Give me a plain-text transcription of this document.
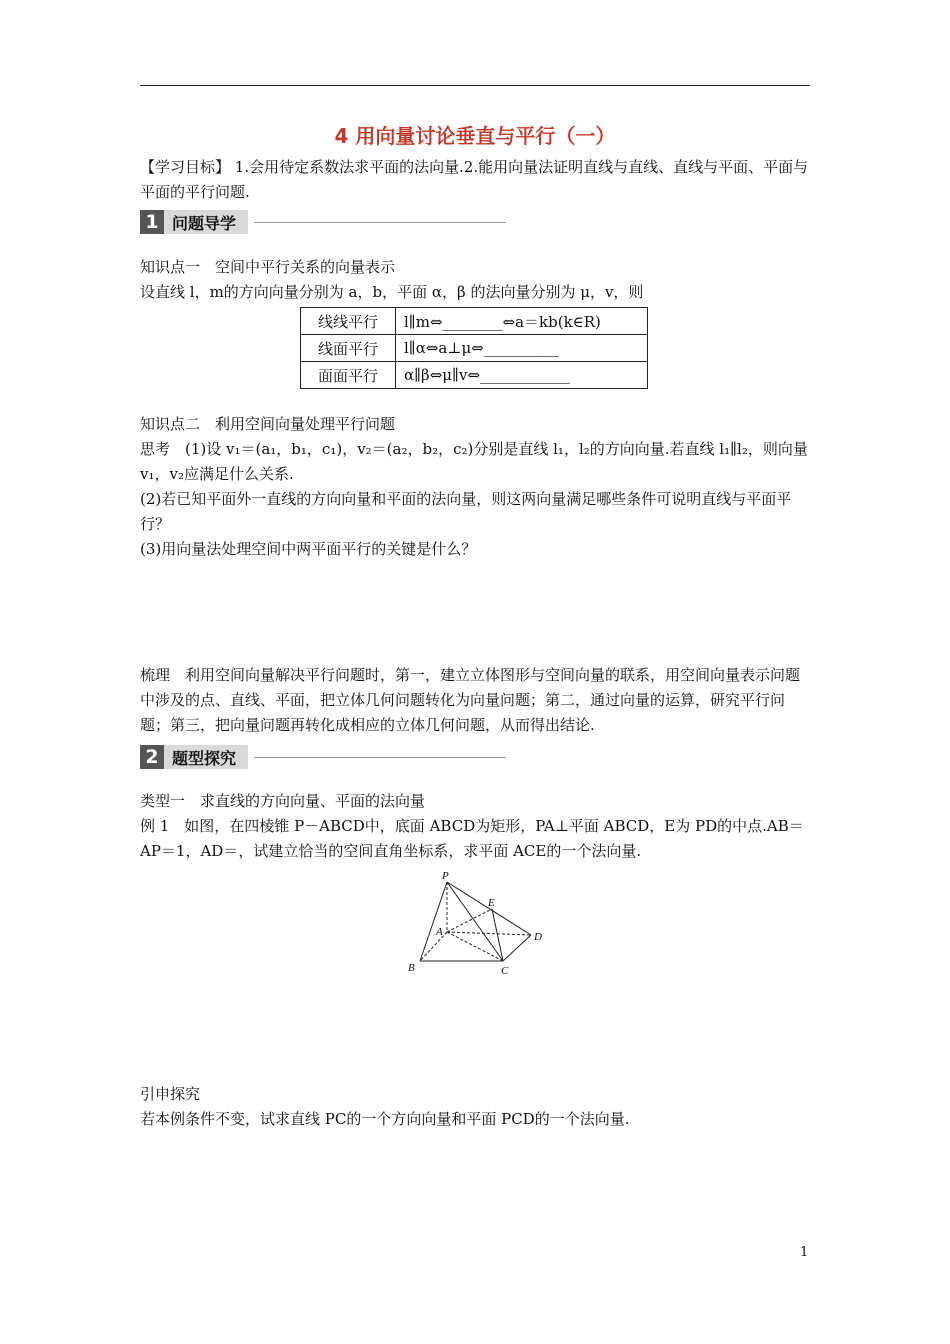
4 用向量讨论垂直与平行（一）
【学习目标】 1.会用待定系数法求平面的法向量.2.能用向量法证明直线与直线、直线与平面、平面与平面的平行问题.
1 问题导学
知识点一　空间中平行关系的向量表示
设直线 l，m的方向向量分别为 a，b，平面 α，β 的法向量分别为 μ，v，则
线线平行	l∥m⇔________⇔a＝kb(k∈R)
线面平行	l∥α⇔a⊥μ⇔__________
面面平行	α∥β⇔μ∥v⇔____________
知识点二　利用空间向量处理平行问题
思考　(1)设 v₁＝(a₁，b₁，c₁)，v₂＝(a₂，b₂，c₂)分别是直线 l₁，l₂的方向向量.若直线 l₁∥l₂，则向量 v₁，v₂应满足什么关系.
(2)若已知平面外一直线的方向向量和平面的法向量，则这两向量满足哪些条件可说明直线与平面平行？
(3)用向量法处理空间中两平面平行的关键是什么？
梳理　利用空间向量解决平行问题时，第一，建立立体图形与空间向量的联系，用空间向量表示问题中涉及的点、直线、平面，把立体几何问题转化为向量问题；第二，通过向量的运算，研究平行问题；第三，把向量问题再转化成相应的立体几何问题，从而得出结论.
2 题型探究
类型一　求直线的方向向量、平面的法向量
例 1　如图，在四棱锥 P－ABCD中，底面 ABCD为矩形，PA⊥平面 ABCD，E为 PD的中点.AB＝AP＝1，AD＝，试建立恰当的空间直角坐标系，求平面 ACE的一个法向量.
P
E
A	D
B	C
引申探究
若本例条件不变，试求直线 PC的一个方向向量和平面 PCD的一个法向量.
1
